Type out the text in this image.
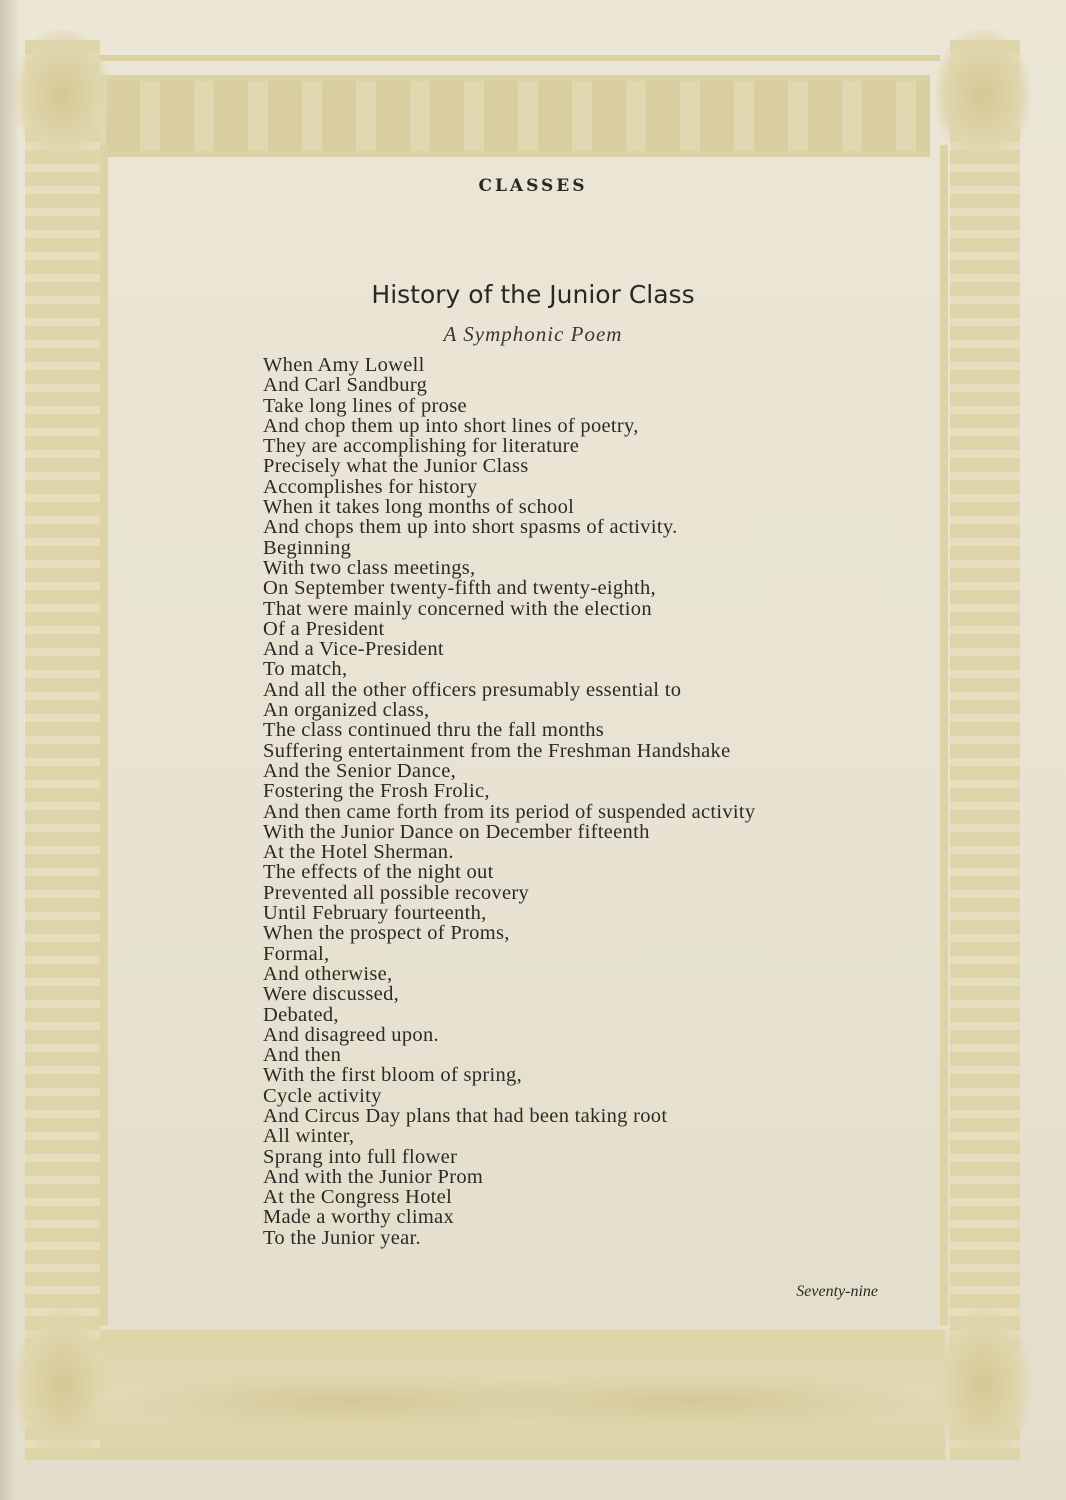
CLASSES
History of the Junior Class
A Symphonic Poem
When Amy Lowell
And Carl Sandburg
Take long lines of prose
And chop them up into short lines of poetry,
They are accomplishing for literature
Precisely what the Junior Class
Accomplishes for history
When it takes long months of school
And chops them up into short spasms of activity.
Beginning
With two class meetings,
On September twenty-fifth and twenty-eighth,
That were mainly concerned with the election
Of a President
And a Vice-President
To match,
And all the other officers presumably essential to
An organized class,
The class continued thru the fall months
Suffering entertainment from the Freshman Handshake
And the Senior Dance,
Fostering the Frosh Frolic,
And then came forth from its period of suspended activity
With the Junior Dance on December fifteenth
At the Hotel Sherman.
The effects of the night out
Prevented all possible recovery
Until February fourteenth,
When the prospect of Proms,
Formal,
And otherwise,
Were discussed,
Debated,
And disagreed upon.
And then
With the first bloom of spring,
Cycle activity
And Circus Day plans that had been taking root
All winter,
Sprang into full flower
And with the Junior Prom
At the Congress Hotel
Made a worthy climax
To the Junior year.
Seventy-nine
